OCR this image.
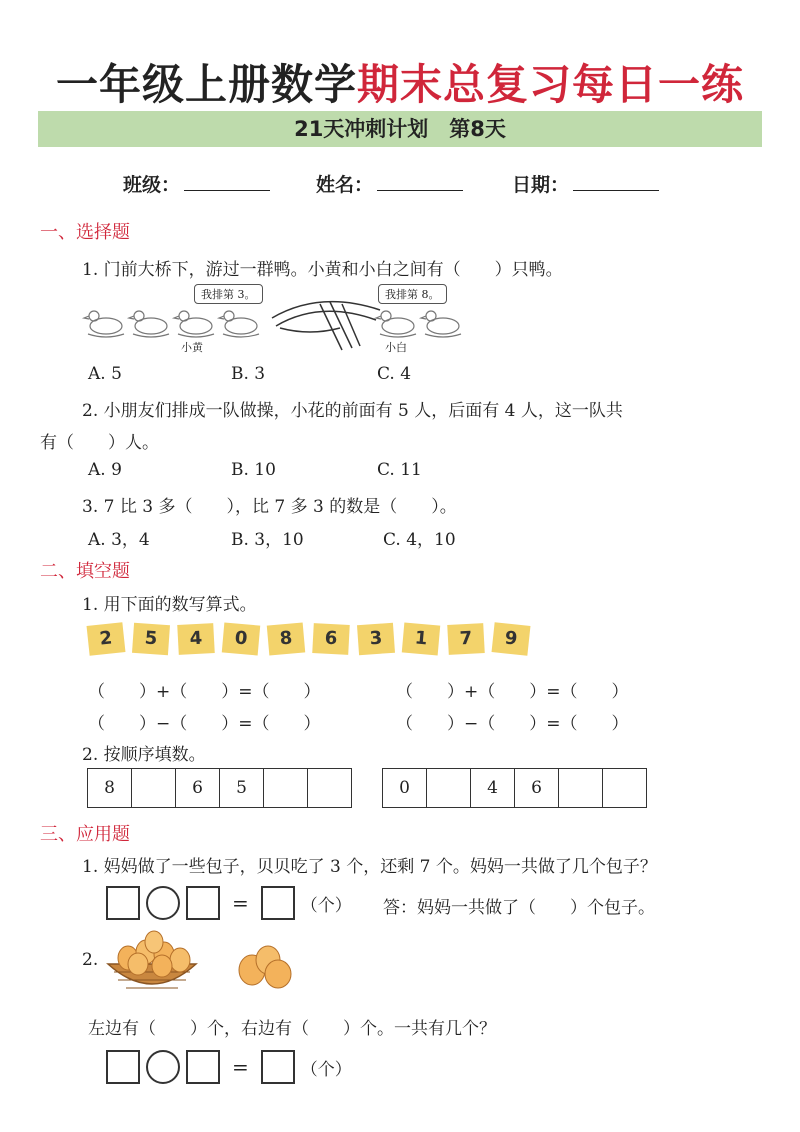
一年级上册数学期末总复习每日一练
21天冲刺计划　第8天
班级：	姓名：	日期：
一、选择题
1. 门前大桥下，游过一群鸭。小黄和小白之间有（　　）只鸭。
我排第 3。	我排第 8。
小黄	小白
A. 5	B. 3	C. 4
2. 小朋友们排成一队做操，小花的前面有 5 人，后面有 4 人，这一队共
有（　　）人。
A. 9	B. 10	C. 11
3. 7 比 3 多（　　），比 7 多 3 的数是（　　）。
A. 3，4	B. 3，10	C. 4，10
二、填空题
1. 用下面的数写算式。
2	5	4	0	8	6	3	1	7	9
（　　）+（　　）=（　　）	（　　）+（　　）=（　　）
（　　）−（　　）=（　　）	（　　）−（　　）=（　　）
2. 按顺序填数。
8		6	5			0		4	6		
三、应用题
1. 妈妈做了一些包子，贝贝吃了 3 个，还剩 7 个。妈妈一共做了几个包子？
=	（个） 答：妈妈一共做了（　　）个包子。
2.
左边有（　　）个，右边有（　　）个。一共有几个？
=	（个）
